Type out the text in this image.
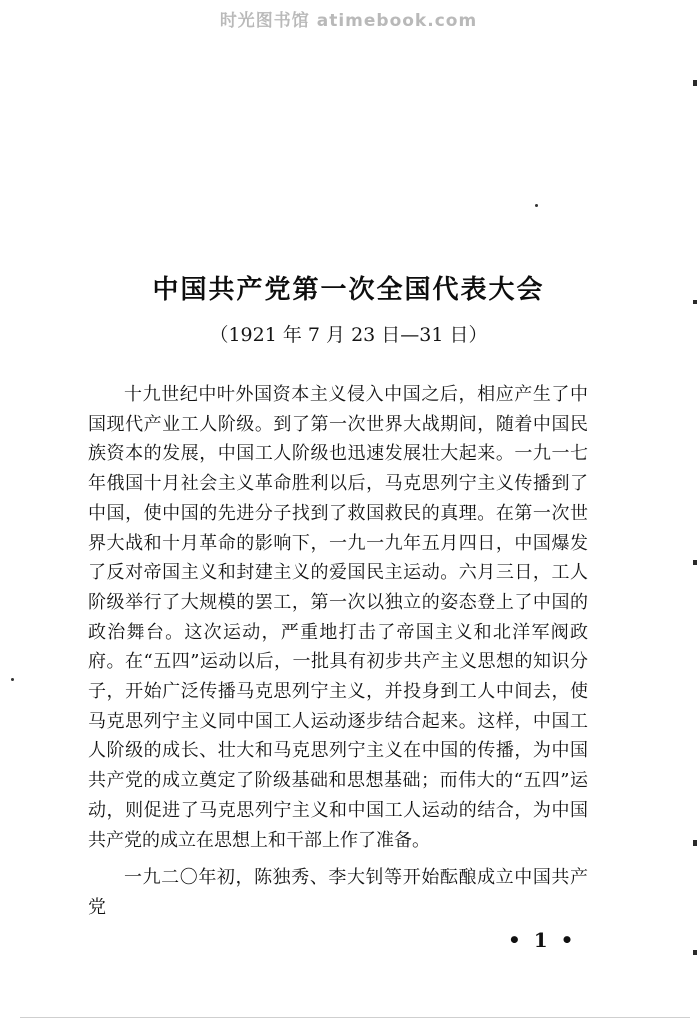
时光图书馆 atimebook.com
中国共产党第一次全国代表大会
（1921 年 7 月 23 日—31 日）

十九世纪中叶外国资本主义侵入中国之后，相应产生了中国现代产业工人阶级。到了第一次世界大战期间，随着中国民族资本的发展，中国工人阶级也迅速发展壮大起来。一九一七年俄国十月社会主义革命胜利以后，马克思列宁主义传播到了中国，使中国的先进分子找到了救国救民的真理。在第一次世界大战和十月革命的影响下，一九一九年五月四日，中国爆发了反对帝国主义和封建主义的爱国民主运动。六月三日，工人阶级举行了大规模的罢工，第一次以独立的姿态登上了中国的政治舞台。这次运动，严重地打击了帝国主义和北洋军阀政府。在“五四”运动以后，一批具有初步共产主义思想的知识分子，开始广泛传播马克思列宁主义，并投身到工人中间去，使马克思列宁主义同中国工人运动逐步结合起来。这样，中国工人阶级的成长、壮大和马克思列宁主义在中国的传播，为中国共产党的成立奠定了阶级基础和思想基础；而伟大的“五四”运动，则促进了马克思列宁主义和中国工人运动的结合，为中国共产党的成立在思想上和干部上作了准备。

一九二〇年初，陈独秀、李大钊等开始酝酿成立中国共产党

• 1 •
